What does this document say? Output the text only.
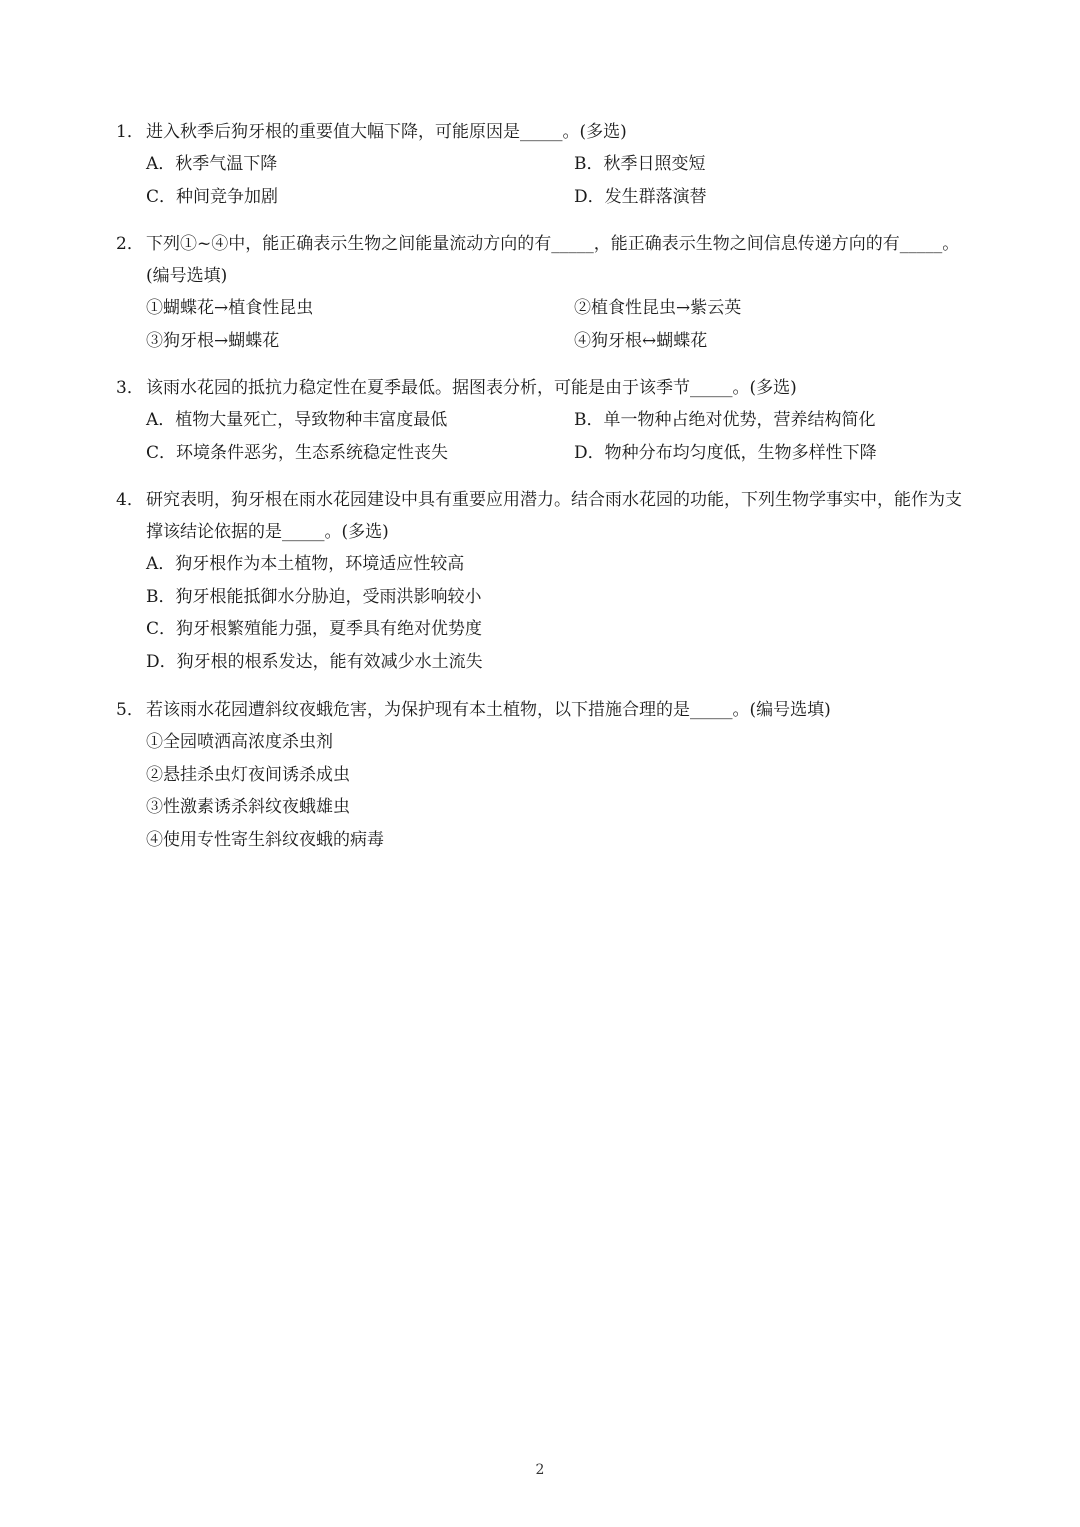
1． 进入秋季后狗牙根的重要值大幅下降，可能原因是_____。(多选)
A．秋季气温下降	B．秋季日照变短
C．种间竞争加剧	D．发生群落演替
2． 下列①~④中，能正确表示生物之间能量流动方向的有_____，能正确表示生物之间信息传递方向的有_____。(编号选填)
①蝴蝶花→植食性昆虫	②植食性昆虫→紫云英
③狗牙根→蝴蝶花	④狗牙根↔蝴蝶花
3． 该雨水花园的抵抗力稳定性在夏季最低。据图表分析，可能是由于该季节_____。(多选)
A．植物大量死亡，导致物种丰富度最低	B．单一物种占绝对优势，营养结构简化
C．环境条件恶劣，生态系统稳定性丧失	D．物种分布均匀度低，生物多样性下降
4． 研究表明，狗牙根在雨水花园建设中具有重要应用潜力。结合雨水花园的功能，下列生物学事实中，能作为支撑该结论依据的是_____。(多选)
A．狗牙根作为本土植物，环境适应性较高
B．狗牙根能抵御水分胁迫，受雨洪影响较小
C．狗牙根繁殖能力强，夏季具有绝对优势度
D．狗牙根的根系发达，能有效减少水土流失
5． 若该雨水花园遭斜纹夜蛾危害，为保护现有本土植物，以下措施合理的是_____。(编号选填)
①全园喷洒高浓度杀虫剂
②悬挂杀虫灯夜间诱杀成虫
③性激素诱杀斜纹夜蛾雄虫
④使用专性寄生斜纹夜蛾的病毒
2
